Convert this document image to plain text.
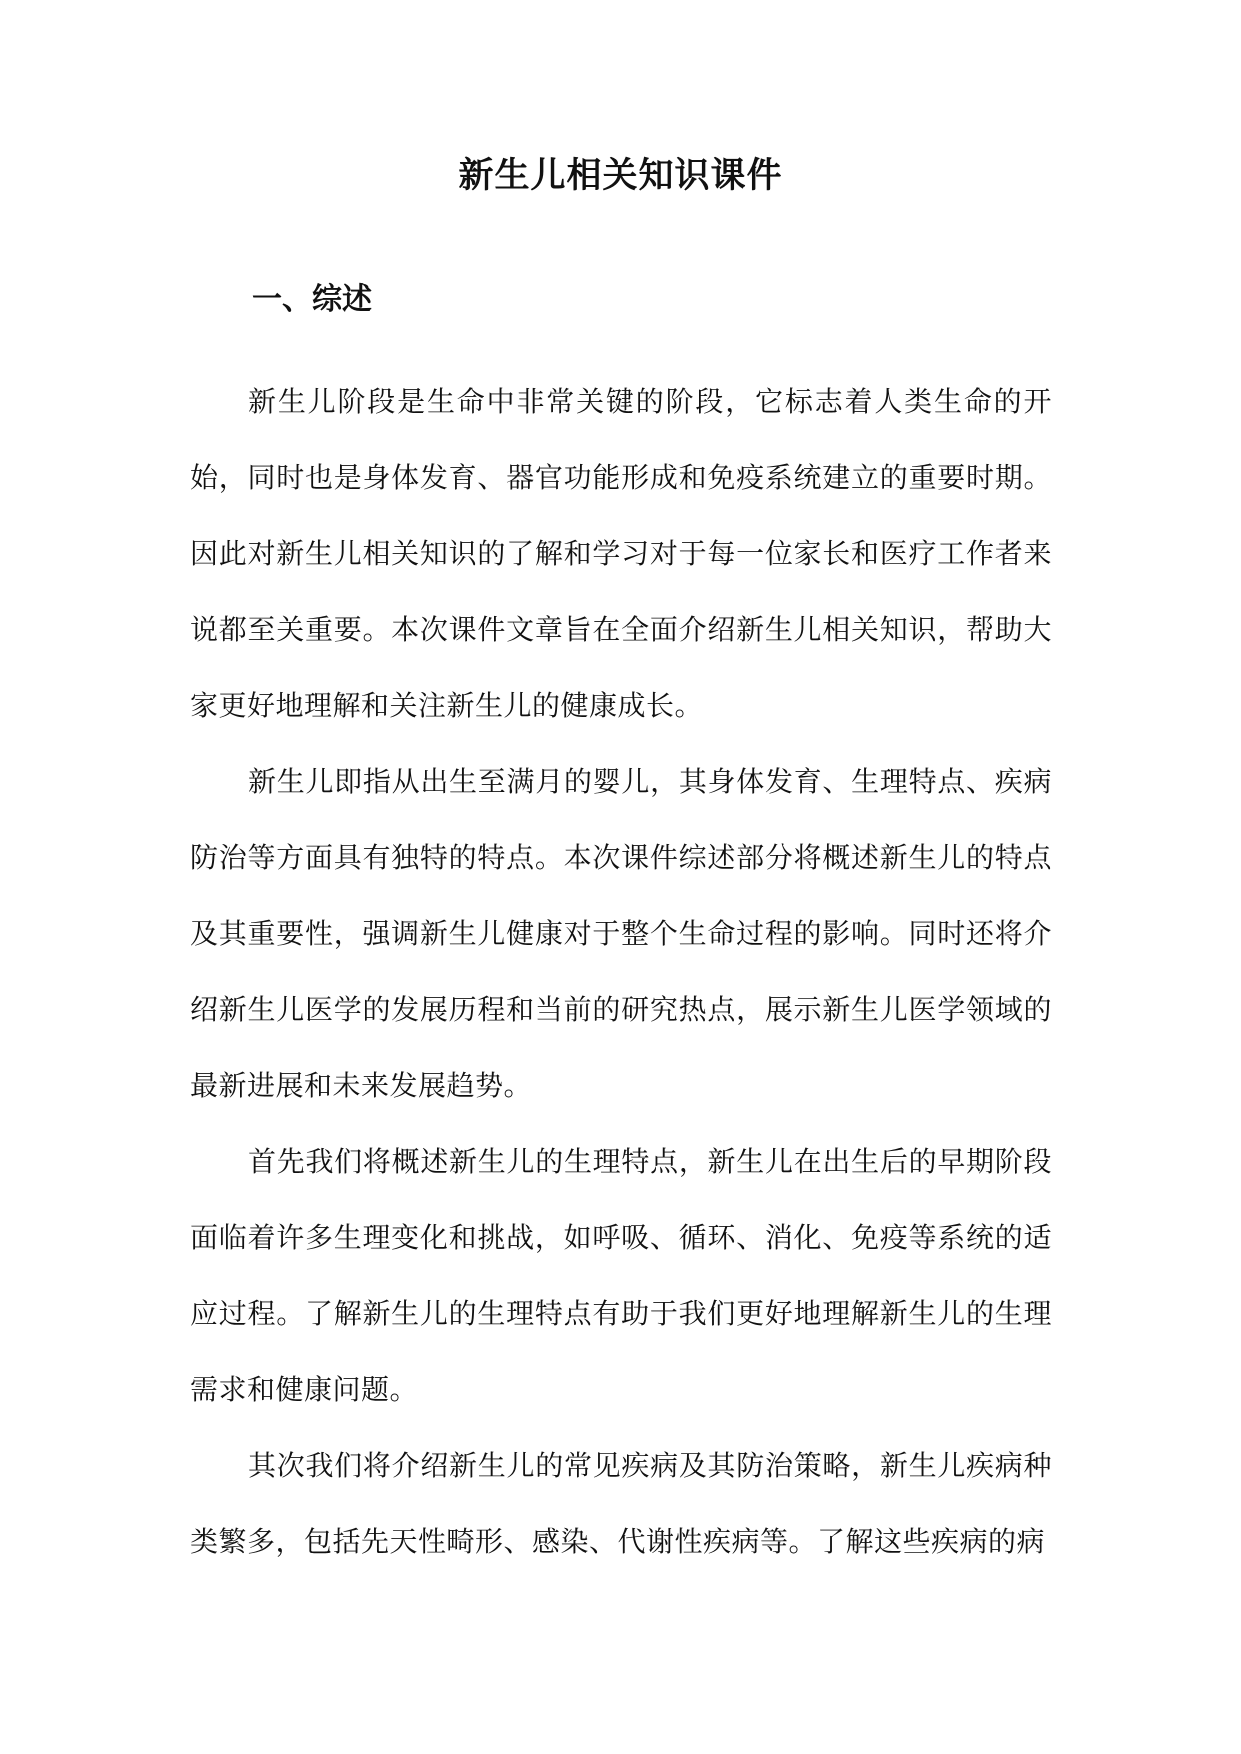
新生儿相关知识课件
一、综述

新生儿阶段是生命中非常关键的阶段，它标志着人类生命的开始，同时也是身体发育、器官功能形成和免疫系统建立的重要时期。因此对新生儿相关知识的了解和学习对于每一位家长和医疗工作者来说都至关重要。本次课件文章旨在全面介绍新生儿相关知识，帮助大家更好地理解和关注新生儿的健康成长。

新生儿即指从出生至满月的婴儿，其身体发育、生理特点、疾病防治等方面具有独特的特点。本次课件综述部分将概述新生儿的特点及其重要性，强调新生儿健康对于整个生命过程的影响。同时还将介绍新生儿医学的发展历程和当前的研究热点，展示新生儿医学领域的最新进展和未来发展趋势。

首先我们将概述新生儿的生理特点，新生儿在出生后的早期阶段面临着许多生理变化和挑战，如呼吸、循环、消化、免疫等系统的适应过程。了解新生儿的生理特点有助于我们更好地理解新生儿的生理需求和健康问题。

其次我们将介绍新生儿的常见疾病及其防治策略，新生儿疾病种类繁多，包括先天性畸形、感染、代谢性疾病等。了解这些疾病的病
